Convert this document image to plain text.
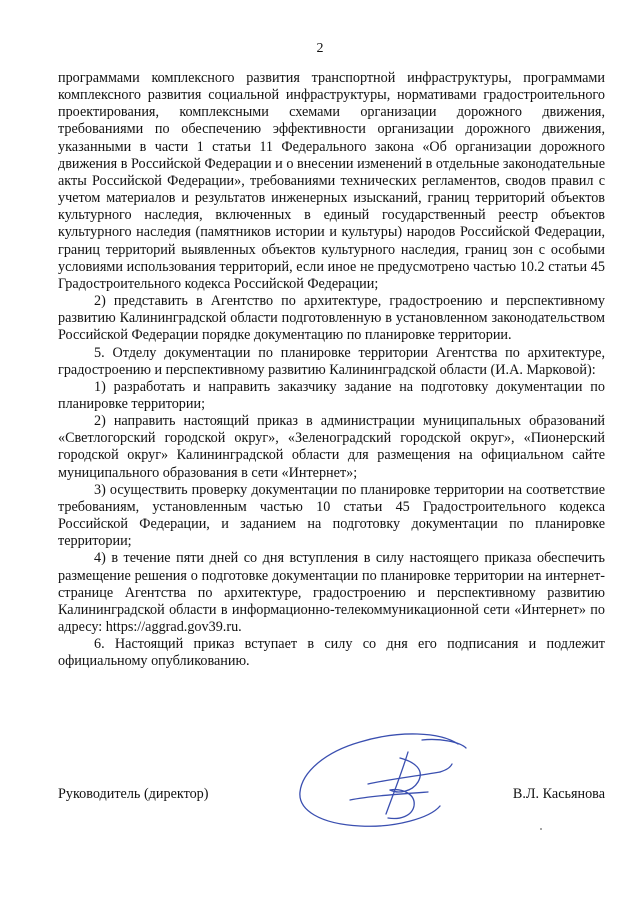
2

программами комплексного развития транспортной инфраструктуры, программами комплексного развития социальной инфраструктуры, нормативами градостроительного проектирования, комплексными схемами организации дорожного движения, требованиями по обеспечению эффективности организации дорожного движения, указанными в части 1 статьи 11 Федерального закона «Об организации дорожного движения в Российской Федерации и о внесении изменений в отдельные законодательные акты Российской Федерации», требованиями технических регламентов, сводов правил с учетом материалов и результатов инженерных изысканий, границ территорий объектов культурного наследия, включенных в единый государственный реестр объектов культурного наследия (памятников истории и культуры) народов Российской Федерации, границ территорий выявленных объектов культурного наследия, границ зон с особыми условиями использования территорий, если иное не предусмотрено частью 10.2 статьи 45 Градостроительного кодекса Российской Федерации;

2) представить в Агентство по архитектуре, градостроению и перспективному развитию Калининградской области подготовленную в установленном законодательством Российской Федерации порядке документацию по планировке территории.

5. Отделу документации по планировке территории Агентства по архитектуре, градостроению и перспективному развитию Калининградской области (И.А. Марковой):

1) разработать и направить заказчику задание на подготовку документации по планировке территории;

2) направить настоящий приказ в администрации муниципальных образований «Светлогорский городской округ», «Зеленоградский городской округ», «Пионерский городской округ» Калининградской области для размещения на официальном сайте муниципального образования в сети «Интернет»;

3) осуществить проверку документации по планировке территории на соответствие требованиям, установленным частью 10 статьи 45 Градостроительного кодекса Российской Федерации, и заданием на подготовку документации по планировке территории;

4) в течение пяти дней со дня вступления в силу настоящего приказа обеспечить размещение решения о подготовке документации по планировке территории на интернет-странице Агентства по архитектуре, градостроению и перспективному развитию Калининградской области в информационно-телекоммуникационной сети «Интернет» по адресу: https://aggrad.gov39.ru.

6. Настоящий приказ вступает в силу со дня его подписания и подлежит официальному опубликованию.

Руководитель (директор)	В.Л. Касьянова
